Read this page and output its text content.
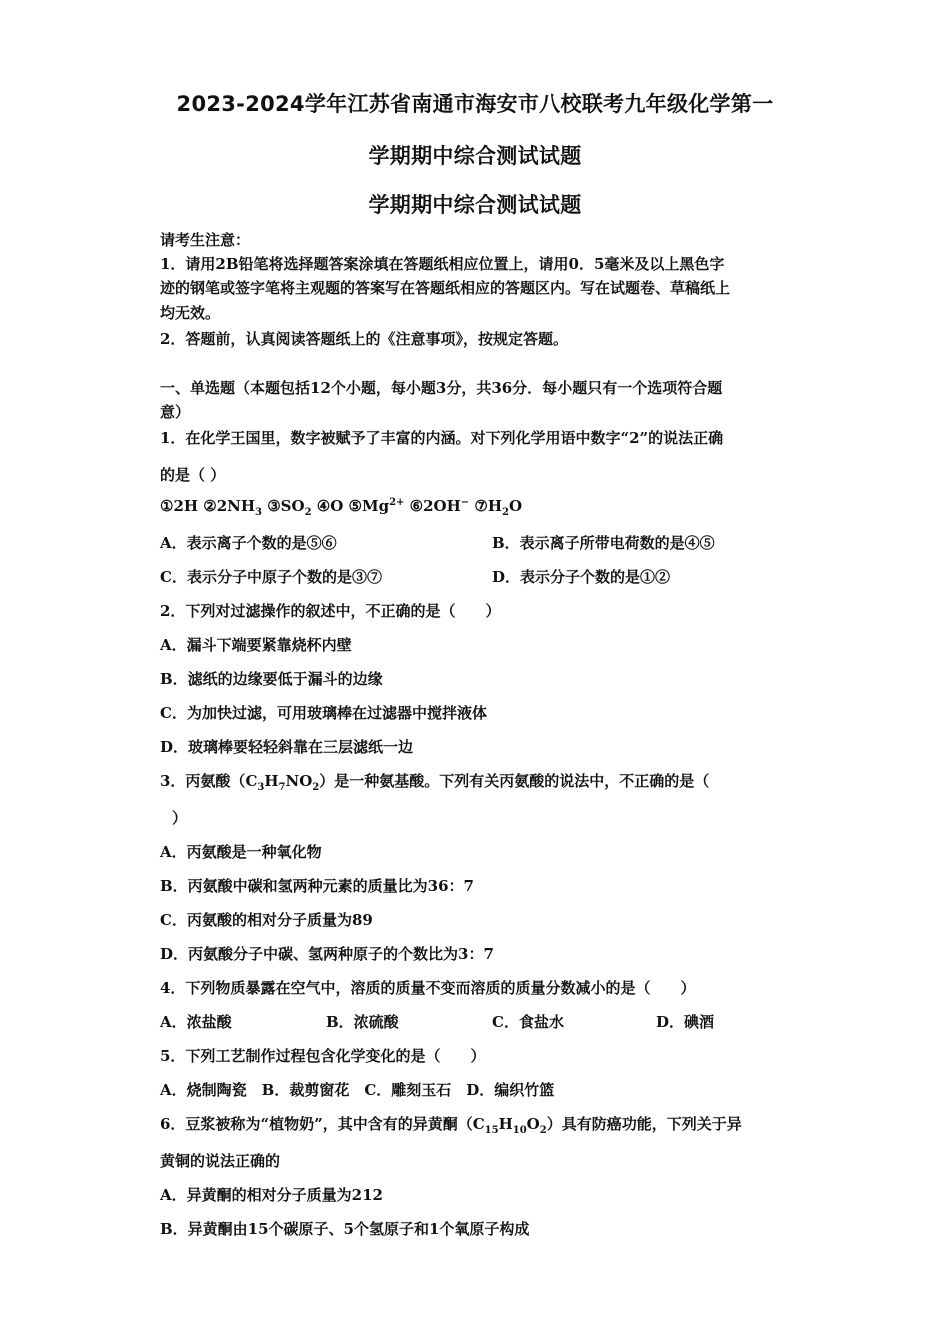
2023-2024学年江苏省南通市海安市八校联考九年级化学第一
学期期中综合测试试题
学期期中综合测试试题
请考生注意：
1．请用2B铅笔将选择题答案涂填在答题纸相应位置上，请用0．5毫米及以上黑色字
迹的钢笔或签字笔将主观题的答案写在答题纸相应的答题区内。写在试题卷、草稿纸上
均无效。
2．答题前，认真阅读答题纸上的《注意事项》，按规定答题。
一、单选题（本题包括12个小题，每小题3分，共36分．每小题只有一个选项符合题
意）
1．在化学王国里，数字被赋予了丰富的内涵。对下列化学用语中数字“2”的说法正确
的是（ ）
①2H $②2NH_3$ $③SO_2$ ④O $⑤Mg^{2+}$ ⑥2OH− $⑦H_2O$
A．表示离子个数的是⑤⑥	B．表示离子所带电荷数的是④⑤
C．表示分子中原子个数的是③⑦	D．表示分子个数的是①②
2．下列对过滤操作的叙述中，不正确的是（　　）
A．漏斗下端要紧靠烧杯内壁
B．滤纸的边缘要低于漏斗的边缘
C．为加快过滤，可用玻璃棒在过滤器中搅拌液体
D．玻璃棒要轻轻斜靠在三层滤纸一边
3．丙氨酸$(C_3H_7NO_2)$是一种氨基酸。下列有关丙氨酸的说法中，不正确的是（
）
A．丙氨酸是一种氧化物
B．丙氨酸中碳和氢两种元素的质量比为36：7
C．丙氨酸的相对分子质量为89
D．丙氨酸分子中碳、氢两种原子的个数比为3：7
4．下列物质暴露在空气中，溶质的质量不变而溶质的质量分数减小的是（　　）
A．浓盐酸	B．浓硫酸	C．食盐水	D．碘酒
5．下列工艺制作过程包含化学变化的是（　　）
A．烧制陶瓷　B．裁剪窗花　C．雕刻玉石　D．编织竹篮
6．豆浆被称为“植物奶”，其中含有的异黄酮$(C_{15}H_{10}O_2)$具有防癌功能，下列关于异
黄铜的说法正确的
A．异黄酮的相对分子质量为212
B．异黄酮由15个碳原子、5个氢原子和1个氧原子构成
